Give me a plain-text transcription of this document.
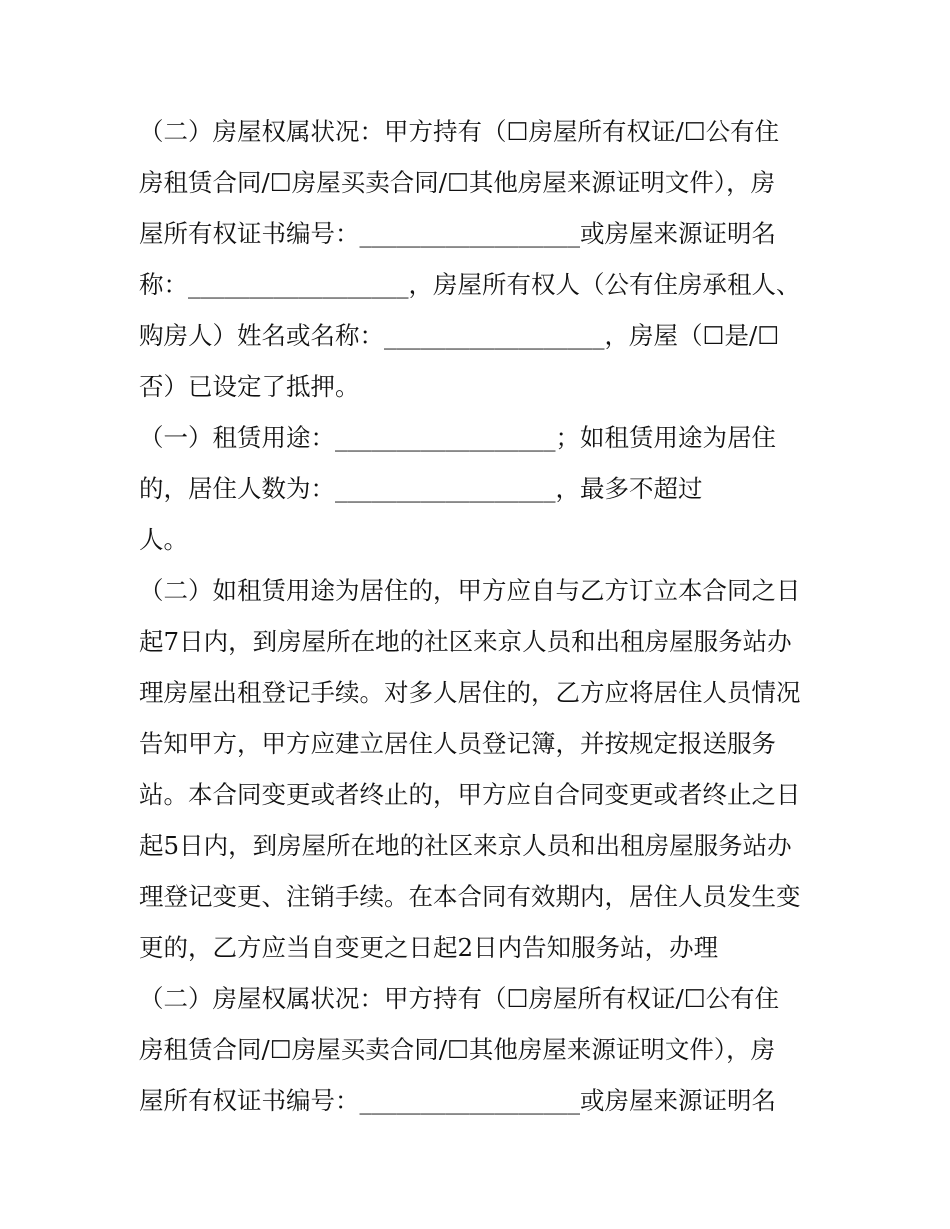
（二）房屋权属状况：甲方持有（☐房屋所有权证/☐公有住
房租赁合同/☐房屋买卖合同/☐其他房屋来源证明文件），房
屋所有权证书编号：__________________或房屋来源证明名
称：__________________，房屋所有权人（公有住房承租人、
购房人）姓名或名称：__________________，房屋（☐是/☐
否）已设定了抵押。
（一）租赁用途：__________________；如租赁用途为居住
的，居住人数为：__________________，最多不超过
人。
（二）如租赁用途为居住的，甲方应自与乙方订立本合同之日
起7日内，到房屋所在地的社区来京人员和出租房屋服务站办
理房屋出租登记手续。对多人居住的，乙方应将居住人员情况
告知甲方，甲方应建立居住人员登记簿，并按规定报送服务
站。本合同变更或者终止的，甲方应自合同变更或者终止之日
起5日内，到房屋所在地的社区来京人员和出租房屋服务站办
理登记变更、注销手续。在本合同有效期内，居住人员发生变
更的，乙方应当自变更之日起2日内告知服务站，办理
（二）房屋权属状况：甲方持有（☐房屋所有权证/☐公有住
房租赁合同/☐房屋买卖合同/☐其他房屋来源证明文件），房
屋所有权证书编号：__________________或房屋来源证明名
